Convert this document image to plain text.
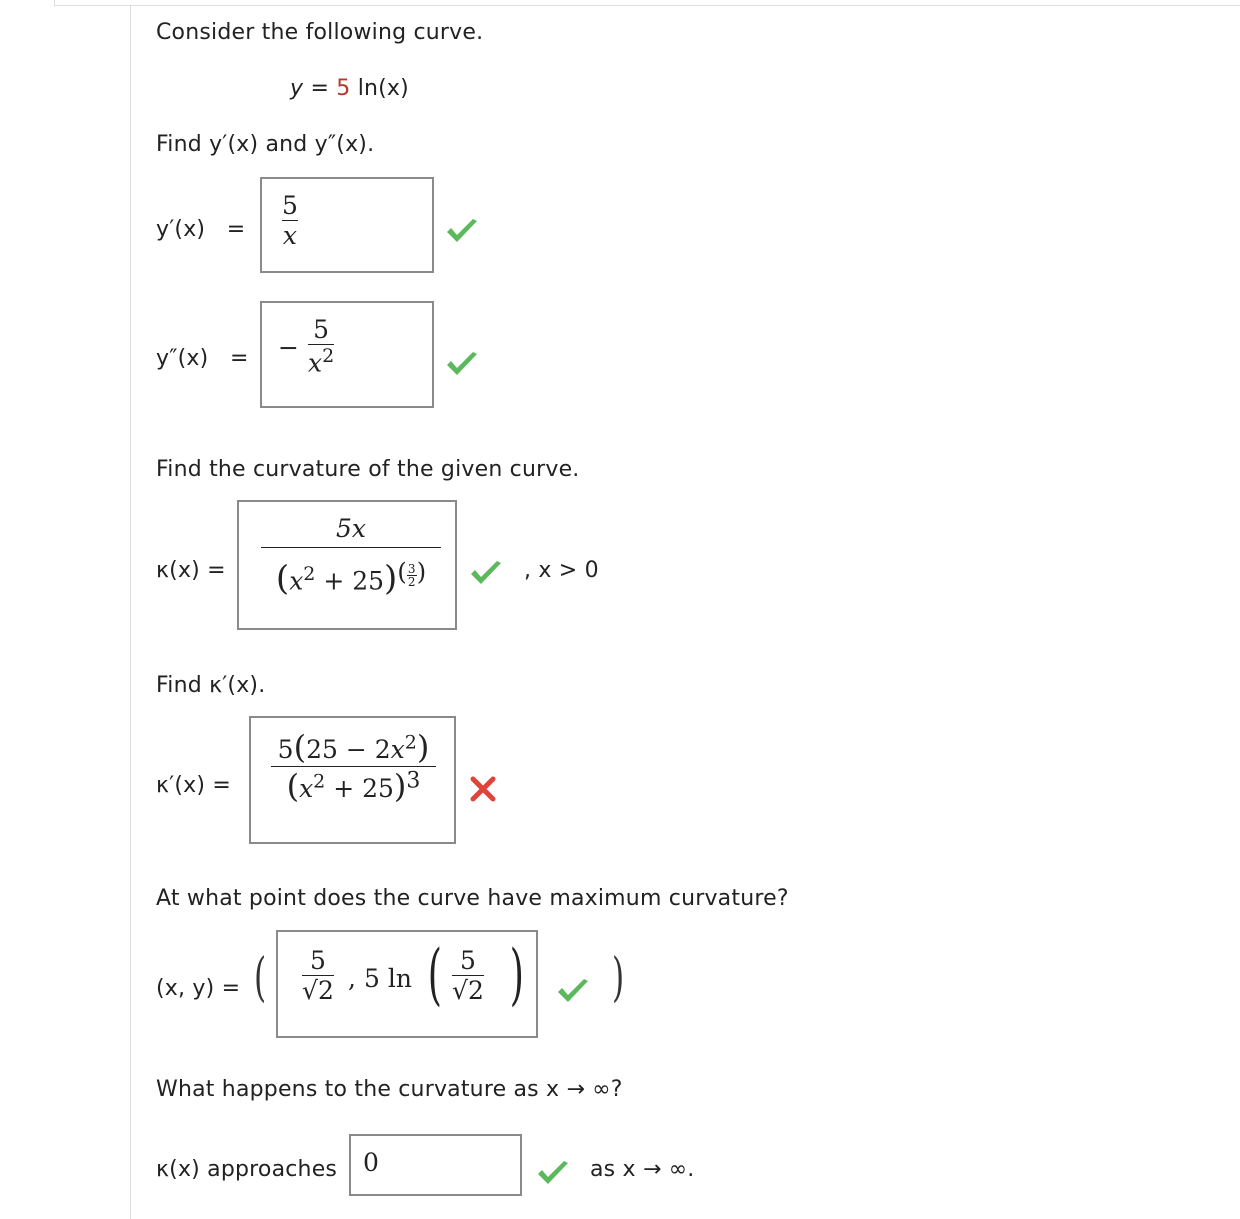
Consider the following curve.
y = 5 ln(x)
Find y′(x) and y″(x).
y′(x) =
5
x
y″(x) = −
5
$x^2$
Find the curvature of the given curve.
κ(x) =
5x
$(x^2 + 25)^{( \frac{3}{2} )}$	, x > 0
Find κ′(x).
κ′(x) =
$5(25 - 2x^2)$
$(x^2 + 25)^3$
At what point does the curve have maximum curvature?
(x, y) = ( 5
√2 , 5 ln ( 5
√2 ) )
What happens to the curvature as x → ∞?
κ(x) approaches 0	as x → ∞.
